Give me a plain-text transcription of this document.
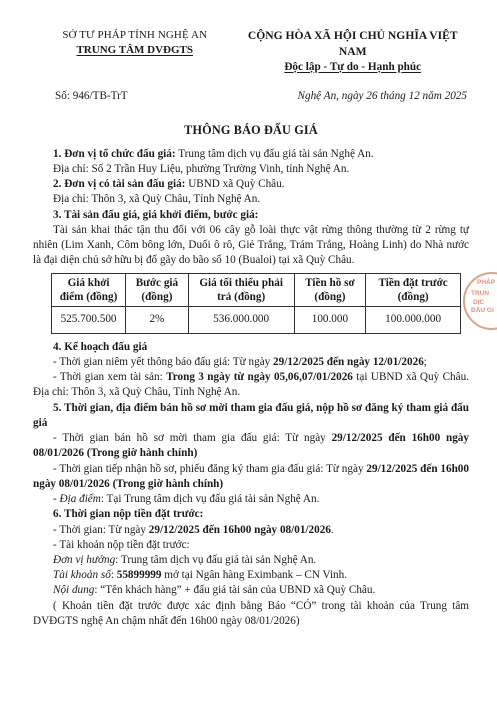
SỞ TƯ PHÁP TỈNH NGHỆ AN
TRUNG TÂM DVĐGTS
CỘNG HÒA XÃ HỘI CHỦ NGHĨA VIỆT NAM
Độc lập - Tự do - Hạnh phúc
Số: 946/TB-TrT	Nghệ An, ngày 26 tháng 12 năm 2025
THÔNG BÁO ĐẤU GIÁ

1. Đơn vị tổ chức đấu giá: Trung tâm dịch vụ đấu giá tài sản Nghệ An.

Địa chỉ: Số 2 Trần Huy Liệu, phường Trường Vinh, tỉnh Nghệ An.

2. Đơn vị có tài sản đấu giá: UBND xã Quỳ Châu.

Địa chỉ: Thôn 3, xã Quỳ Châu, Tỉnh Nghệ An.

3. Tài sản đấu giá, giá khởi điểm, bước giá:

Tài sản khai thác tận thu đối với 06 cây gỗ loài thực vật rừng thông thường từ 2 rừng tự nhiên (Lim Xanh, Côm bông lớn, Duối ô rô, Giẻ Trắng, Trám Trắng, Hoàng Linh) do Nhà nước là đại diện chủ sở hữu bị đổ gãy do bão số 10 (Bualoi) tại xã Quỳ Châu.

Giá khởi điểm (đồng)	Bước giá (đồng)	Giá tối thiểu phải trả (đồng)	Tiền hồ sơ (đồng)	Tiền đặt trước (đồng)
525.700.500	2%	536.000.000	100.000	100.000.000

4. Kế hoạch đấu giá

- Thời gian niêm yết thông báo đấu giá: Từ ngày 29/12/2025 đến ngày 12/01/2026;

- Thời gian xem tài sản: Trong 3 ngày từ ngày 05,06,07/01/2026 tại UBND xã Quỳ Châu. Địa chỉ: Thôn 3, xã Quỳ Châu, Tỉnh Nghệ An.

5. Thời gian, địa điểm bán hồ sơ mời tham gia đấu giá, nộp hồ sơ đăng ký tham giá đấu giá

- Thời gian bán hồ sơ mời tham gia đấu giá: Từ ngày 29/12/2025 đến 16h00 ngày 08/01/2026 (Trong giờ hành chính)

- Thời gian tiếp nhận hồ sơ, phiếu đăng ký tham gia đấu giá: Từ ngày 29/12/2025 đến 16h00 ngày 08/01/2026 (Trong giờ hành chính)

- Địa điểm: Tại Trung tâm dịch vụ đấu giá tài sản Nghệ An.

6. Thời gian nộp tiền đặt trước:

- Thời gian: Từ ngày 29/12/2025 đến 16h00 ngày 08/01/2026.

- Tài khoản nộp tiền đặt trước:

Đơn vị hưởng: Trung tâm dịch vụ đấu giá tài sản Nghệ An.

Tài khoản số: 55899999 mở tại Ngân hàng Eximbank – CN Vinh.

Nội dung: “Tên khách hàng” + đấu giá tài sản của UBND xã Quỳ Châu.

( Khoản tiền đặt trước được xác định bằng Báo “CÓ” trong tài khoản của Trung tâm DVĐGTS nghệ An chậm nhất đến 16h00 ngày 08/01/2026)

PHÁP
TRUN
DỊC
ĐẤU GI
